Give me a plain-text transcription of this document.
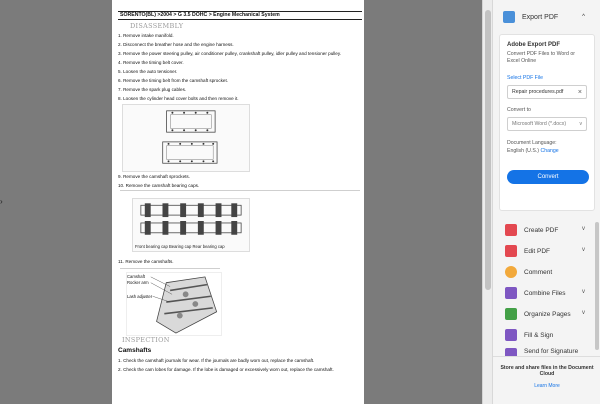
›
SORENTO(BL) >2004 > G 3.5 DOHC > Engine Mechanical System
DISASSEMBLY
1. Remove intake manifold.
2. Disconnect the breather hose and the engine harness.
3. Remove the power steering pulley, air conditioner pulley, crankshaft pulley, idler pulley and tensioner pulley.
4. Remove the timing belt cover.
5. Loosen the auto tensioner.
6. Remove the timing belt from the camshaft sprocket.
7. Remove the spark plug cables.
8. Loosen the cylinder head cover bolts and then remove it.
9. Remove the camshaft sprockets.
10. Remove the camshaft bearing caps.
Front bearing cap Bearing cap Rear bearing cap
11. Remove the camshafts.
Camshaft
Rocker arm
Lash adjuster
INSPECTION
Camshafts
1. Check the camshaft journals for wear. If the journals are badly worn out, replace the camshaft.
2. Check the cam lobes for damage. If the lobe is damaged or excessively worn out, replace the camshaft.
Export PDF	^
Adobe Export PDF
Convert PDF Files to Word or Excel Online
Select PDF File
Repair procedures.pdf ×
Convert to
Microsoft Word (*.docx)	v
Document Language:
English (U.S.) Change
Convert
Create PDF	v
Edit PDF	v
Comment
Combine Files	v
Organize Pages v
Fill & Sign
Send for Signature
Store and share files in the Document Cloud
Learn More
